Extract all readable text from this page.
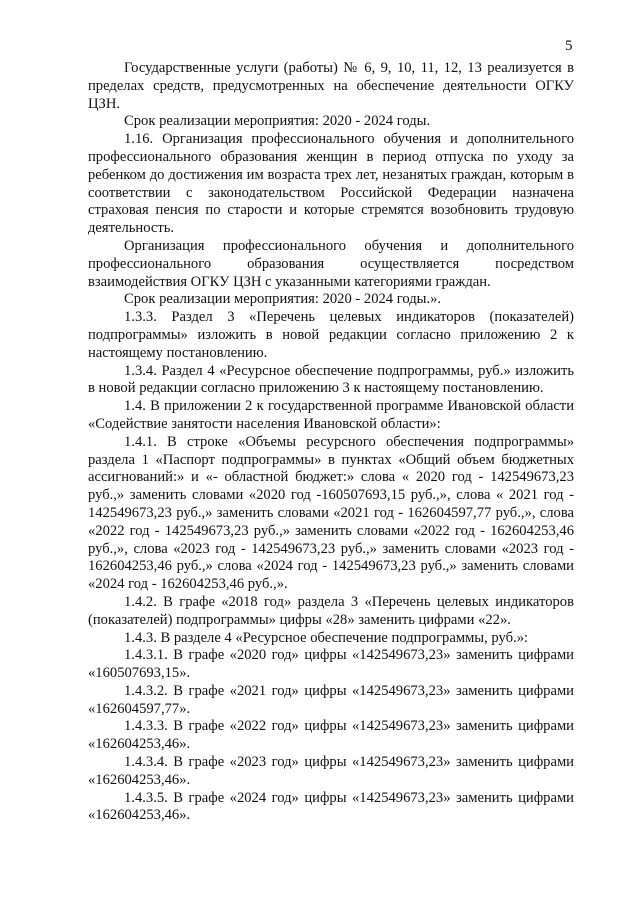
5

Государственные услуги (работы) № 6, 9, 10, 11, 12, 13 реализуется в пределах средств, предусмотренных на обеспечение деятельности ОГКУ ЦЗН.

Срок реализации мероприятия: 2020 - 2024 годы.

1.16. Организация профессионального обучения и дополнительного профессионального образования женщин в период отпуска по уходу за ребенком до достижения им возраста трех лет, незанятых граждан, которым в соответствии с законодательством Российской Федерации назначена страховая пенсия по старости и которые стремятся возобновить трудовую деятельность.

Организация профессионального обучения и дополнительного профессионального образования осуществляется посредством взаимодействия ОГКУ ЦЗН с указанными категориями граждан.

Срок реализации мероприятия: 2020 - 2024 годы.».

1.3.3. Раздел 3 «Перечень целевых индикаторов (показателей) подпрограммы» изложить в новой редакции согласно приложению 2 к настоящему постановлению.

1.3.4. Раздел 4 «Ресурсное обеспечение подпрограммы, руб.» изложить в новой редакции согласно приложению 3 к настоящему постановлению.

1.4. В приложении 2 к государственной программе Ивановской области «Содействие занятости населения Ивановской области»:

1.4.1. В строке «Объемы ресурсного обеспечения подпрограммы» раздела 1 «Паспорт подпрограммы» в пунктах «Общий объем бюджетных ассигнований:» и «- областной бюджет:» слова « 2020 год - 142549673,23 руб.,» заменить словами «2020 год -160507693,15 руб.,», слова « 2021 год - 142549673,23 руб.,» заменить словами «2021 год - 162604597,77 руб.,», слова «2022 год - 142549673,23 руб.,» заменить словами «2022 год - 162604253,46 руб.,», слова «2023 год - 142549673,23 руб.,» заменить словами «2023 год - 162604253,46 руб.,» слова «2024 год - 142549673,23 руб.,» заменить словами «2024 год - 162604253,46 руб.,».

1.4.2. В графе «2018 год» раздела 3 «Перечень целевых индикаторов (показателей) подпрограммы» цифры «28» заменить цифрами «22».

1.4.3. В разделе 4 «Ресурсное обеспечение подпрограммы, руб.»:

1.4.3.1. В графе «2020 год» цифры «142549673,23» заменить цифрами «160507693,15».

1.4.3.2. В графе «2021 год» цифры «142549673,23» заменить цифрами «162604597,77».

1.4.3.3. В графе «2022 год» цифры «142549673,23» заменить цифрами «162604253,46».

1.4.3.4. В графе «2023 год» цифры «142549673,23» заменить цифрами «162604253,46».

1.4.3.5. В графе «2024 год» цифры «142549673,23» заменить цифрами «162604253,46».
